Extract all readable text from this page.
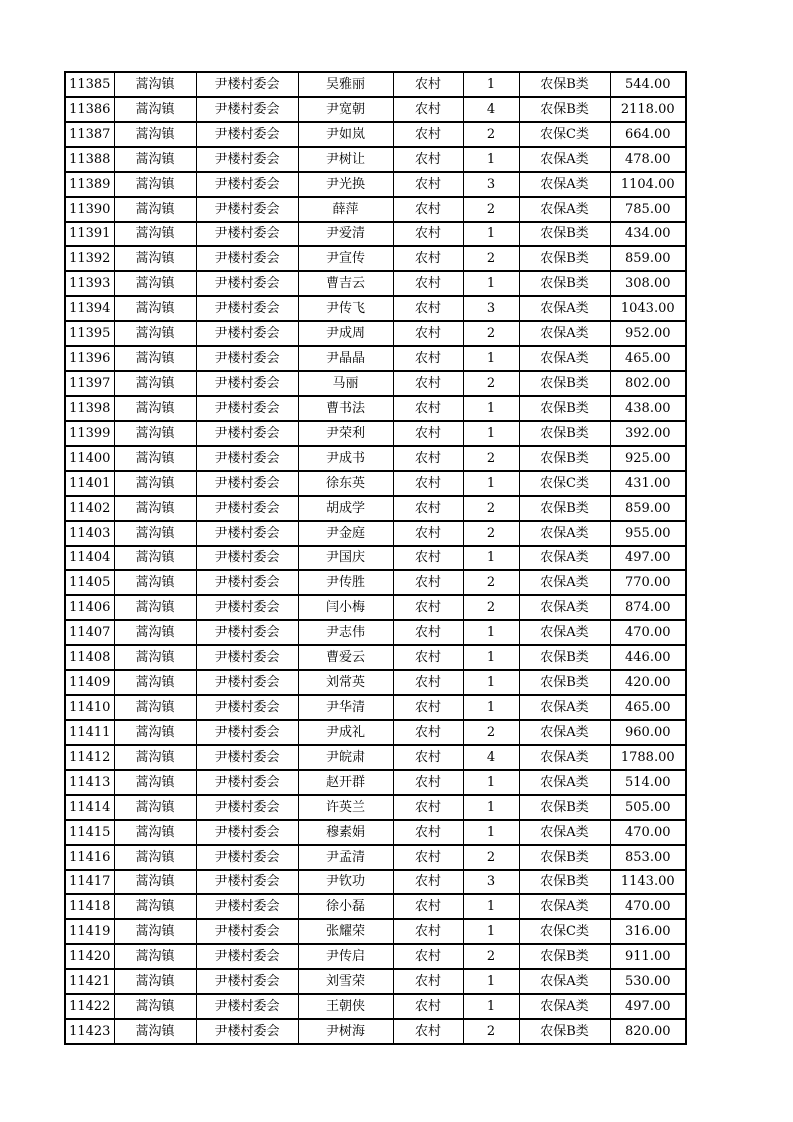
11385	蒿沟镇	尹楼村委会	吴雅丽	农村	1	农保B类	544.00
11386	蒿沟镇	尹楼村委会	尹宽朝	农村	4	农保B类	2118.00
11387	蒿沟镇	尹楼村委会	尹如岚	农村	2	农保C类	664.00
11388	蒿沟镇	尹楼村委会	尹树让	农村	1	农保A类	478.00
11389	蒿沟镇	尹楼村委会	尹光换	农村	3	农保A类	1104.00
11390	蒿沟镇	尹楼村委会	薛萍	农村	2	农保A类	785.00
11391	蒿沟镇	尹楼村委会	尹爱清	农村	1	农保B类	434.00
11392	蒿沟镇	尹楼村委会	尹宣传	农村	2	农保B类	859.00
11393	蒿沟镇	尹楼村委会	曹吉云	农村	1	农保B类	308.00
11394	蒿沟镇	尹楼村委会	尹传飞	农村	3	农保A类	1043.00
11395	蒿沟镇	尹楼村委会	尹成周	农村	2	农保A类	952.00
11396	蒿沟镇	尹楼村委会	尹晶晶	农村	1	农保A类	465.00
11397	蒿沟镇	尹楼村委会	马丽	农村	2	农保B类	802.00
11398	蒿沟镇	尹楼村委会	曹书法	农村	1	农保B类	438.00
11399	蒿沟镇	尹楼村委会	尹荣利	农村	1	农保B类	392.00
11400	蒿沟镇	尹楼村委会	尹成书	农村	2	农保B类	925.00
11401	蒿沟镇	尹楼村委会	徐东英	农村	1	农保C类	431.00
11402	蒿沟镇	尹楼村委会	胡成学	农村	2	农保B类	859.00
11403	蒿沟镇	尹楼村委会	尹金庭	农村	2	农保A类	955.00
11404	蒿沟镇	尹楼村委会	尹国庆	农村	1	农保A类	497.00
11405	蒿沟镇	尹楼村委会	尹传胜	农村	2	农保A类	770.00
11406	蒿沟镇	尹楼村委会	闫小梅	农村	2	农保A类	874.00
11407	蒿沟镇	尹楼村委会	尹志伟	农村	1	农保A类	470.00
11408	蒿沟镇	尹楼村委会	曹爱云	农村	1	农保B类	446.00
11409	蒿沟镇	尹楼村委会	刘常英	农村	1	农保B类	420.00
11410	蒿沟镇	尹楼村委会	尹华清	农村	1	农保A类	465.00
11411	蒿沟镇	尹楼村委会	尹成礼	农村	2	农保A类	960.00
11412	蒿沟镇	尹楼村委会	尹皖肃	农村	4	农保A类	1788.00
11413	蒿沟镇	尹楼村委会	赵开群	农村	1	农保A类	514.00
11414	蒿沟镇	尹楼村委会	许英兰	农村	1	农保B类	505.00
11415	蒿沟镇	尹楼村委会	穆素娟	农村	1	农保A类	470.00
11416	蒿沟镇	尹楼村委会	尹孟清	农村	2	农保B类	853.00
11417	蒿沟镇	尹楼村委会	尹钦功	农村	3	农保B类	1143.00
11418	蒿沟镇	尹楼村委会	徐小磊	农村	1	农保A类	470.00
11419	蒿沟镇	尹楼村委会	张耀荣	农村	1	农保C类	316.00
11420	蒿沟镇	尹楼村委会	尹传启	农村	2	农保B类	911.00
11421	蒿沟镇	尹楼村委会	刘雪荣	农村	1	农保A类	530.00
11422	蒿沟镇	尹楼村委会	王朝侠	农村	1	农保A类	497.00
11423	蒿沟镇	尹楼村委会	尹树海	农村	2	农保B类	820.00
